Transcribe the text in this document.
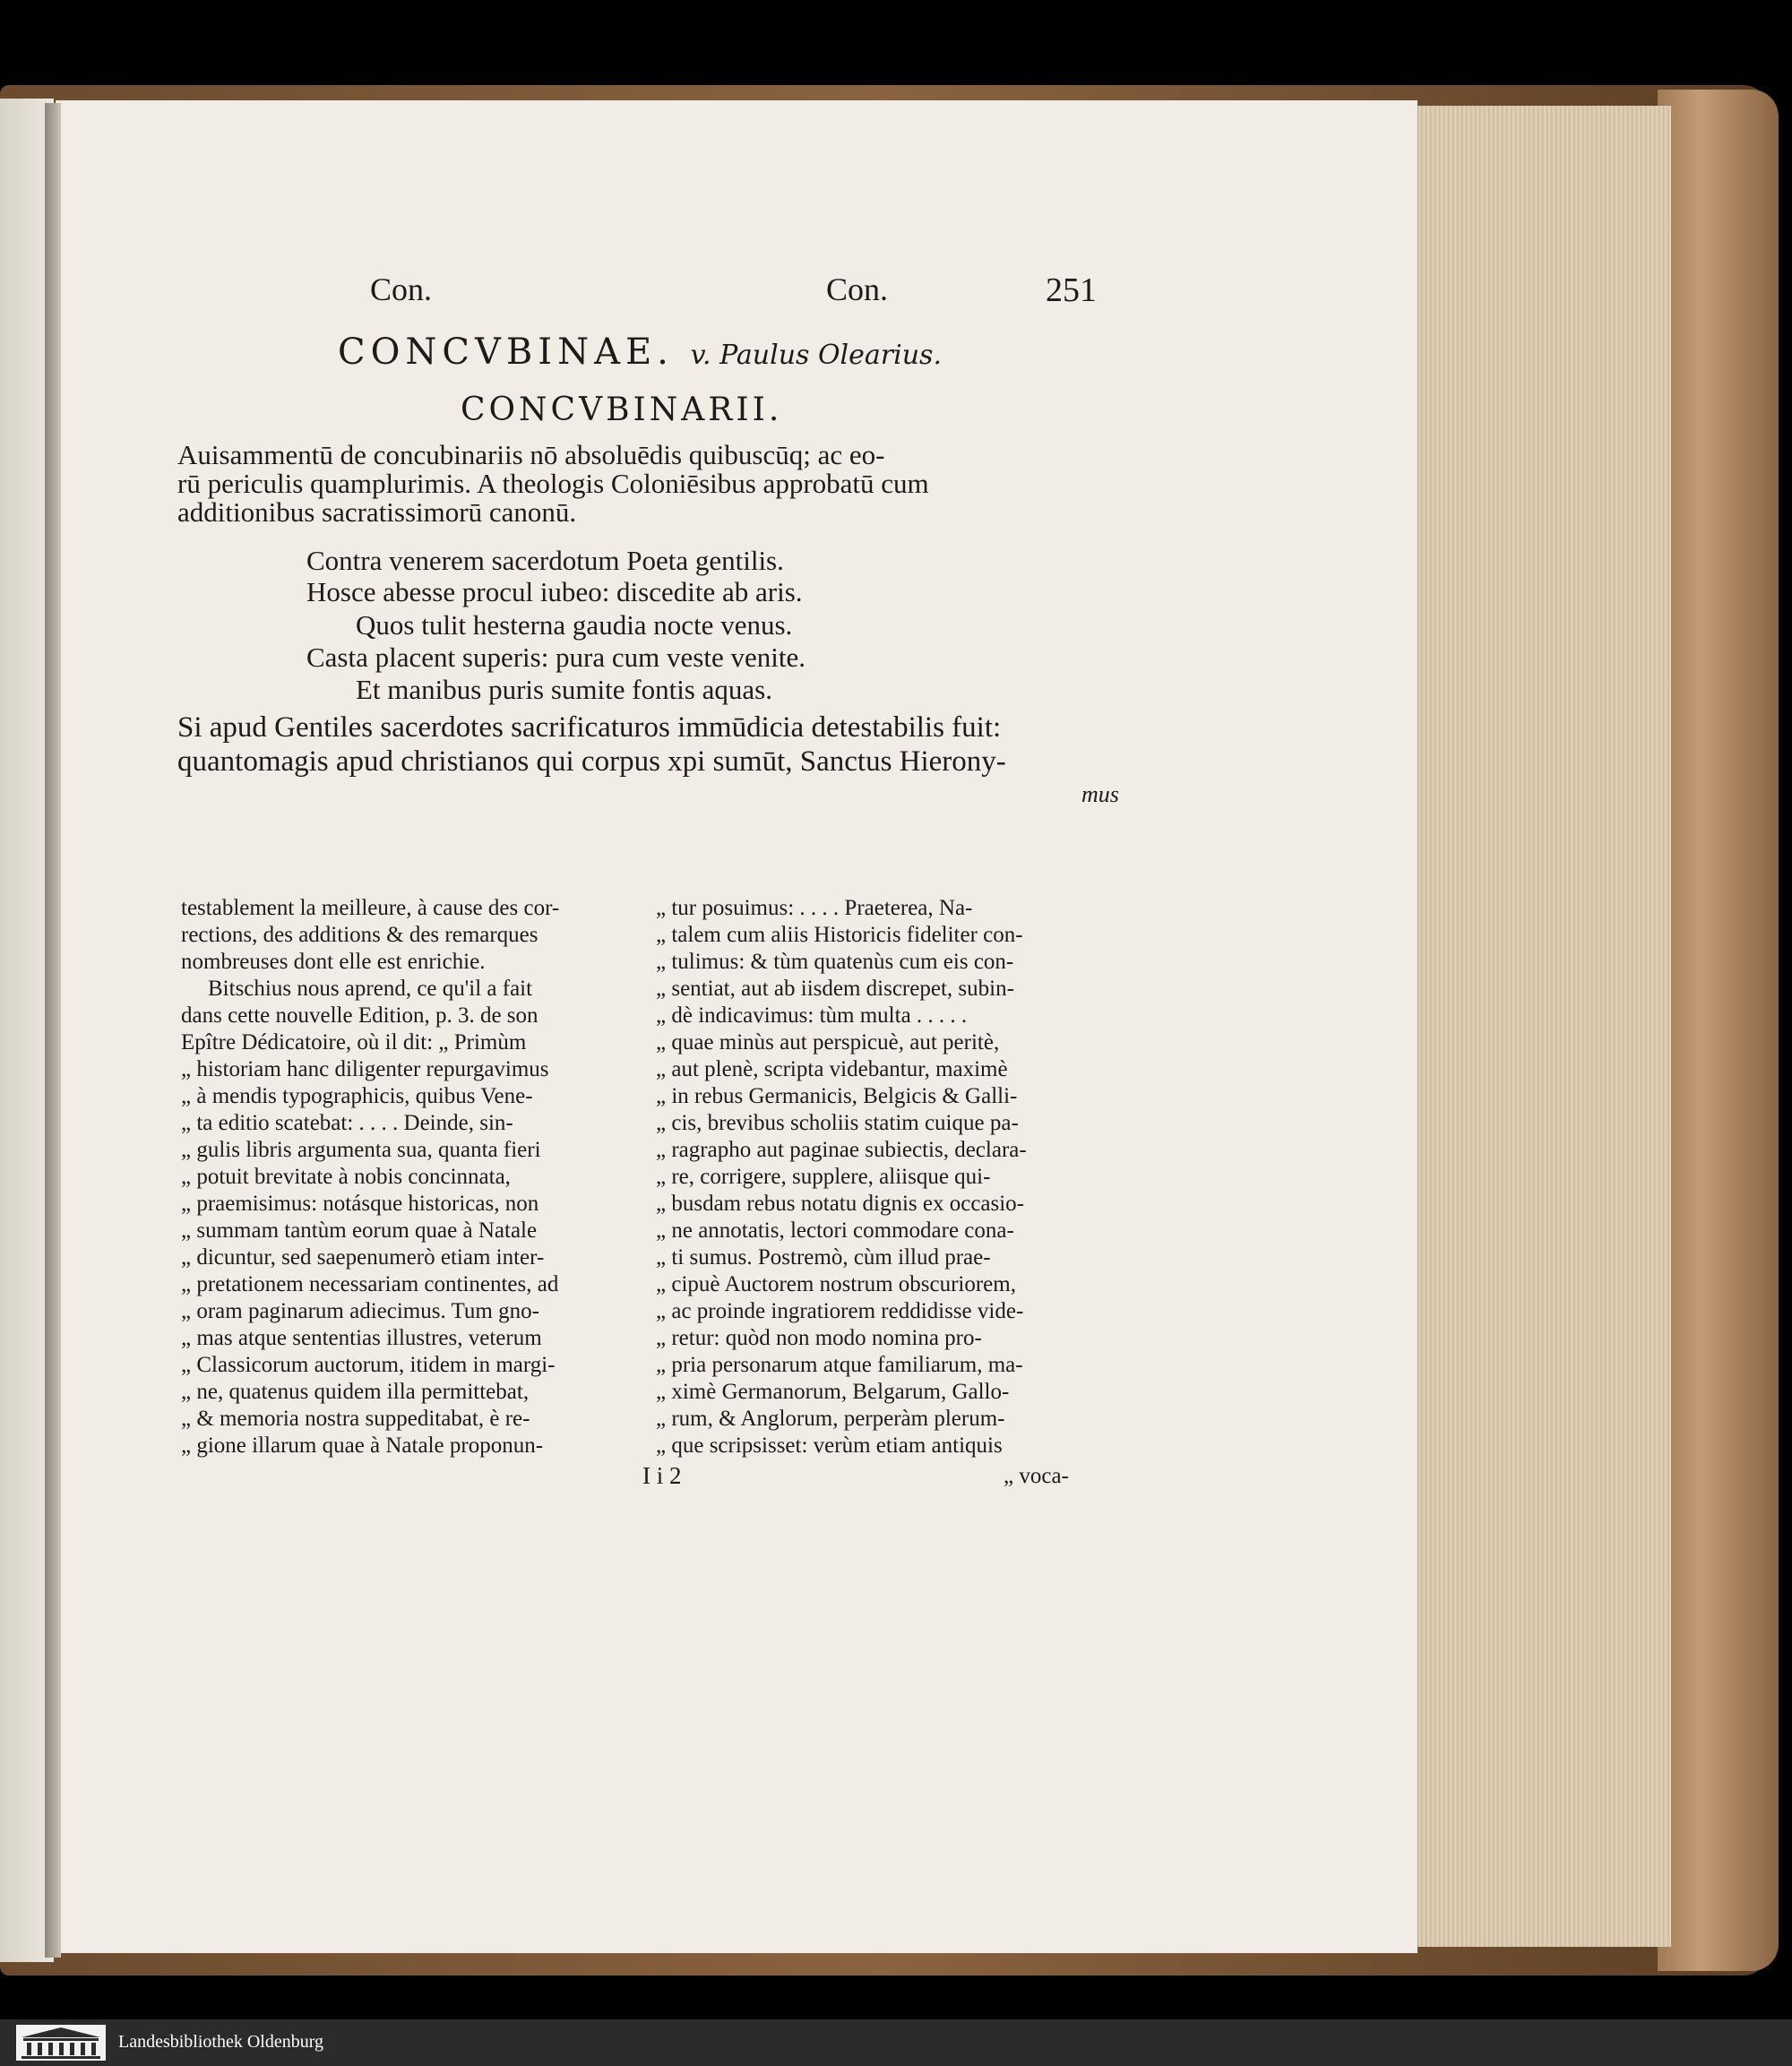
Con.	Con.	251
CONCVBINAE. v. Paulus Olearius.
CONCVBINARII.
Auisammentū de concubinariis nō absoluēdis quibuscūq; ac eo-
rū periculis quamplurimis. A theologis Coloniēsibus approbatū cum
additionibus sacratissimorū canonū.
Contra venerem sacerdotum Poeta gentilis.
Hosce abesse procul iubeo: discedite ab aris.
Quos tulit hesterna gaudia nocte venus.
Casta placent superis: pura cum veste venite.
Et manibus puris sumite fontis aquas.
Si apud Gentiles sacerdotes sacrificaturos immūdicia detestabilis fuit:
quantomagis apud christianos qui corpus xpi sumūt, Sanctus Hierony-
mus
testablement la meilleure, à cause des cor-
rections, des additions & des remarques
nombreuses dont elle est enrichie.
Bitschius nous aprend, ce qu'il a fait
dans cette nouvelle Edition, p. 3. de son
Epître Dédicatoire, où il dit: „ Primùm
„ historiam hanc diligenter repurgavimus
„ à mendis typographicis, quibus Vene-
„ ta editio scatebat: . . . . Deinde, sin-
„ gulis libris argumenta sua, quanta fieri
„ potuit brevitate à nobis concinnata,
„ praemisimus: notásque historicas, non
„ summam tantùm eorum quae à Natale
„ dicuntur, sed saepenumerò etiam inter-
„ pretationem necessariam continentes, ad
„ oram paginarum adiecimus. Tum gno-
„ mas atque sententias illustres, veterum
„ Classicorum auctorum, itidem in margi-
„ ne, quatenus quidem illa permittebat,
„ & memoria nostra suppeditabat, è re-
„ gione illarum quae à Natale proponun-
„ tur posuimus: . . . . Praeterea, Na-
„ talem cum aliis Historicis fideliter con-
„ tulimus: & tùm quatenùs cum eis con-
„ sentiat, aut ab iisdem discrepet, subin-
„ dè indicavimus: tùm multa . . . . .
„ quae minùs aut perspicuè, aut peritè,
„ aut plenè, scripta videbantur, maximè
„ in rebus Germanicis, Belgicis & Galli-
„ cis, brevibus scholiis statim cuique pa-
„ ragrapho aut paginae subiectis, declara-
„ re, corrigere, supplere, aliisque qui-
„ busdam rebus notatu dignis ex occasio-
„ ne annotatis, lectori commodare cona-
„ ti sumus. Postremò, cùm illud prae-
„ cipuè Auctorem nostrum obscuriorem,
„ ac proinde ingratiorem reddidisse vide-
„ retur: quòd non modo nomina pro-
„ pria personarum atque familiarum, ma-
„ ximè Germanorum, Belgarum, Gallo-
„ rum, & Anglorum, perperàm plerum-
„ que scripsisset: verùm etiam antiquis
I i 2	„ voca-
Landesbibliothek Oldenburg
